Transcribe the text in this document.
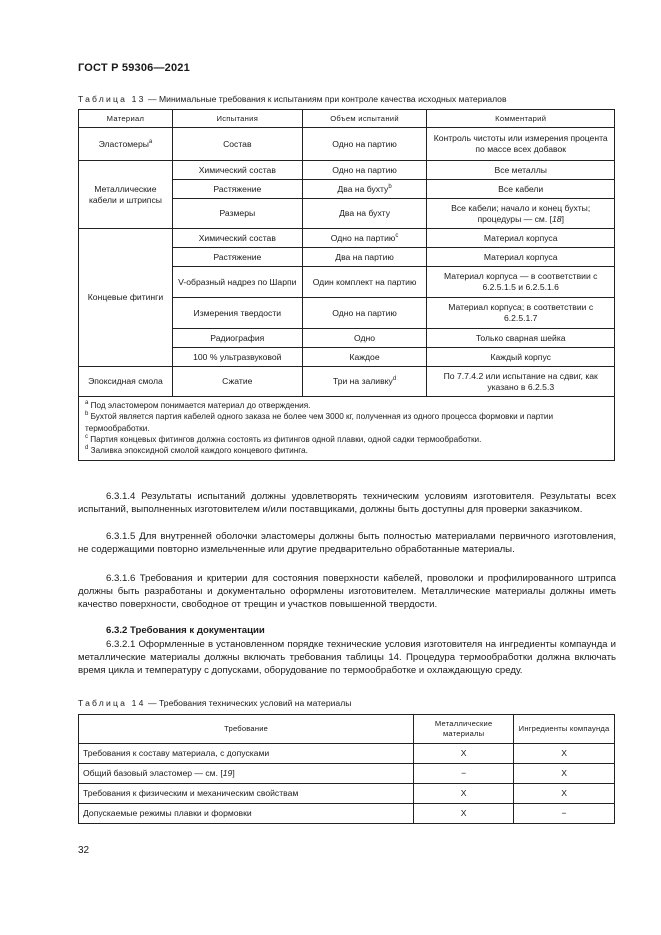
ГОСТ Р 59306—2021
Таблица 13 — Минимальные требования к испытаниям при контроле качества исходных материалов
Материал	Испытания	Объем испытаний	Комментарий
Эластомеры$^a$	Состав	Одно на партию	Контроль чистоты или измерения процента по массе всех добавок
Металлические кабели и штрипсы	Химический состав	Одно на партию	Все металлы
	Растяжение	Два на бухту$^b$	Все кабели
	Размеры	Два на бухту	Все кабели; начало и конец бухты; процедуры — см. [18]
Концевые фитинги	Химический состав	Одно на партию$^c$	Материал корпуса
	Растяжение	Два на партию	Материал корпуса
	V-образный надрез по Шарпи	Один комплект на партию	Материал корпуса — в соответствии с 6.2.5.1.5 и 6.2.5.1.6
	Измерения твердости	Одно на партию	Материал корпуса; в соответствии с 6.2.5.1.7
	Радиография	Одно	Только сварная шейка
	100 % ультразвуковой	Каждое	Каждый корпус
Эпоксидная смола	Сжатие	Три на заливку$^d$	По 7.7.4.2 или испытание на сдвиг, как указано в 6.2.5.3

$^a$ Под эластомером понимается материал до отверждения.
$^b$ Бухтой является партия кабелей одного заказа не более чем 3000 кг, полученная из одного процесса формовки и партии термообработки.
$^c$ Партия концевых фитингов должна состоять из фитингов одной плавки, одной садки термообработки.
$^d$ Заливка эпоксидной смолой каждого концевого фитинга.			

6.3.1.4 Результаты испытаний должны удовлетворять техническим условиям изготовителя. Результаты всех испытаний, выполненных изготовителем и/или поставщиками, должны быть доступны для проверки заказчиком.

6.3.1.5 Для внутренней оболочки эластомеры должны быть полностью материалами первичного изготовления, не содержащими повторно измельченные или другие предварительно обработанные материалы.

6.3.1.6 Требования и критерии для состояния поверхности кабелей, проволоки и профилированного штрипса должны быть разработаны и документально оформлены изготовителем. Металлические материалы должны иметь качество поверхности, свободное от трещин и участков повышенной твердости.

6.3.2 Требования к документации

6.3.2.1 Оформленные в установленном порядке технические условия изготовителя на ингредиенты компаунда и металлические материалы должны включать требования таблицы 14. Процедура термообработки должна включать время цикла и температуру с допусками, оборудование по термообработке и охлаждающую среду.

Таблица 14 — Требования технических условий на материалы
Требование	Металлические материалы	Ингредиенты компаунда
Требования к составу материала, с допусками	X	X
Общий базовый эластомер — см. [19]	−	X
Требования к физическим и механическим свойствам	X	X
Допускаемые режимы плавки и формовки	X	−
32
